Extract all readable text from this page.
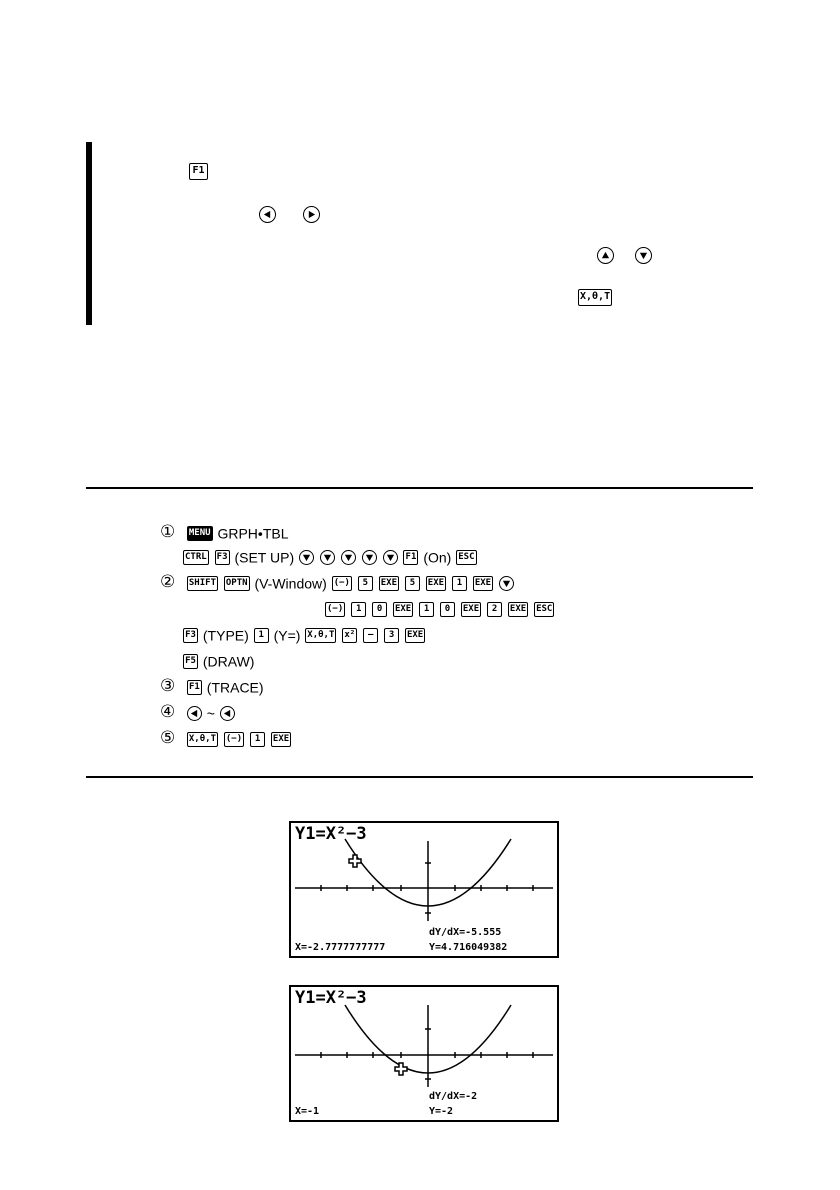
F1

X,θ,T
① MENU GRPH•TBL
CTRL F3 (SET UP)

	F1 (On) ESC
② SHIFT OPTN (V-Window) (−) 5 EXE 5 EXE 1 EXE
(−) 1 0 EXE 1 0 EXE 2 EXE ESC
F3 (TYPE) 1 (Y=) X,θ,T x² — 3 EXE
F5 (DRAW)
③ F1 (TRACE)
④ ~
⑤ X,θ,T (−) 1 EXE
Y1=X²−3
dY/dX=-5.555
X=-2.7777777777	Y=4.716049382
Y1=X²−3
dY/dX=-2
X=-1	Y=-2
